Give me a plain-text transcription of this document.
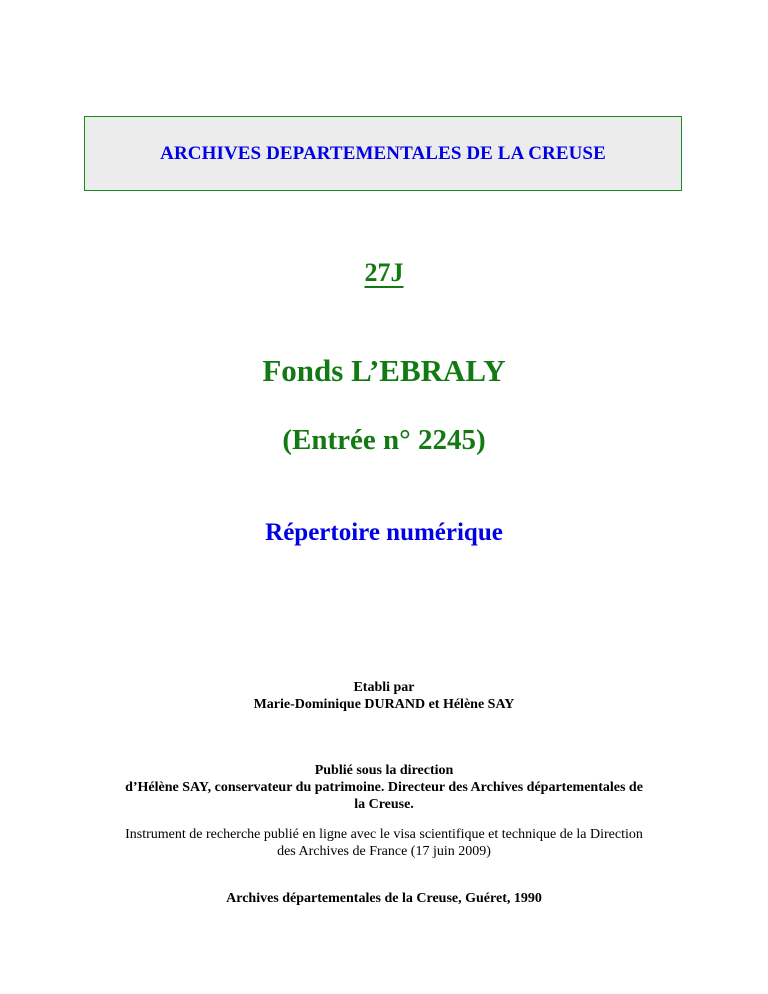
ARCHIVES DEPARTEMENTALES DE LA CREUSE
27J
Fonds L’EBRALY
(Entrée n° 2245)
Répertoire numérique
Etabli par
Marie-Dominique DURAND et Hélène SAY
Publié sous la direction
d’Hélène SAY, conservateur du patrimoine. Directeur des Archives départementales de
la Creuse.
Instrument de recherche publié en ligne avec le visa scientifique et technique de la Direction
des Archives de France (17 juin 2009)
Archives départementales de la Creuse, Guéret, 1990
